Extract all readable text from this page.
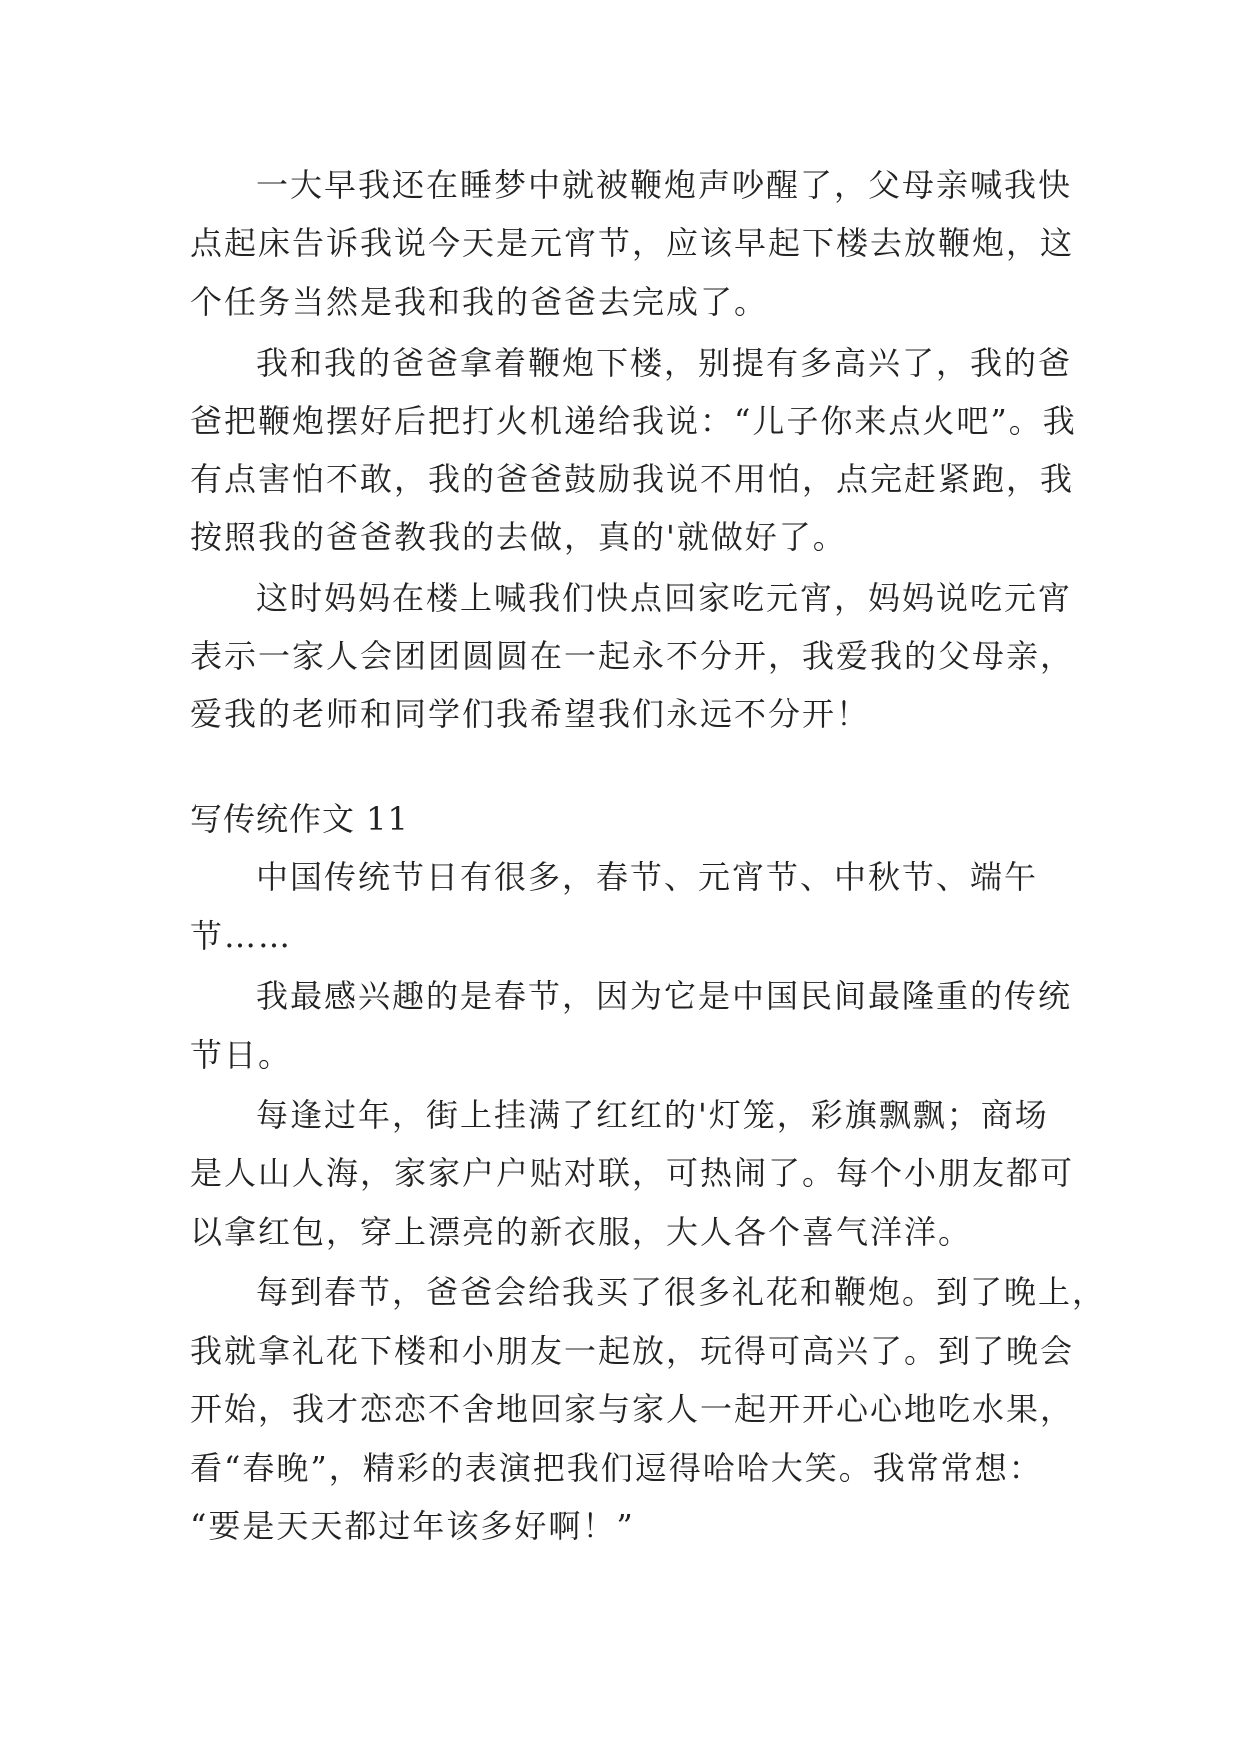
一大早我还在睡梦中就被鞭炮声吵醒了，父母亲喊我快
点起床告诉我说今天是元宵节，应该早起下楼去放鞭炮，这
个任务当然是我和我的爸爸去完成了。
我和我的爸爸拿着鞭炮下楼，别提有多高兴了，我的爸
爸把鞭炮摆好后把打火机递给我说：“儿子你来点火吧”。我
有点害怕不敢，我的爸爸鼓励我说不用怕，点完赶紧跑，我
按照我的爸爸教我的去做，真的'就做好了。
这时妈妈在楼上喊我们快点回家吃元宵，妈妈说吃元宵
表示一家人会团团圆圆在一起永不分开，我爱我的父母亲，
爱我的老师和同学们我希望我们永远不分开！
写传统作文 11
中国传统节日有很多，春节、元宵节、中秋节、端午
节……
我最感兴趣的是春节，因为它是中国民间最隆重的传统
节日。
每逢过年，街上挂满了红红的'灯笼，彩旗飘飘；商场
是人山人海，家家户户贴对联，可热闹了。每个小朋友都可
以拿红包，穿上漂亮的新衣服，大人各个喜气洋洋。
每到春节，爸爸会给我买了很多礼花和鞭炮。到了晚上，
我就拿礼花下楼和小朋友一起放，玩得可高兴了。到了晚会
开始，我才恋恋不舍地回家与家人一起开开心心地吃水果，
看“春晚”，精彩的表演把我们逗得哈哈大笑。我常常想：
“要是天天都过年该多好啊！”
